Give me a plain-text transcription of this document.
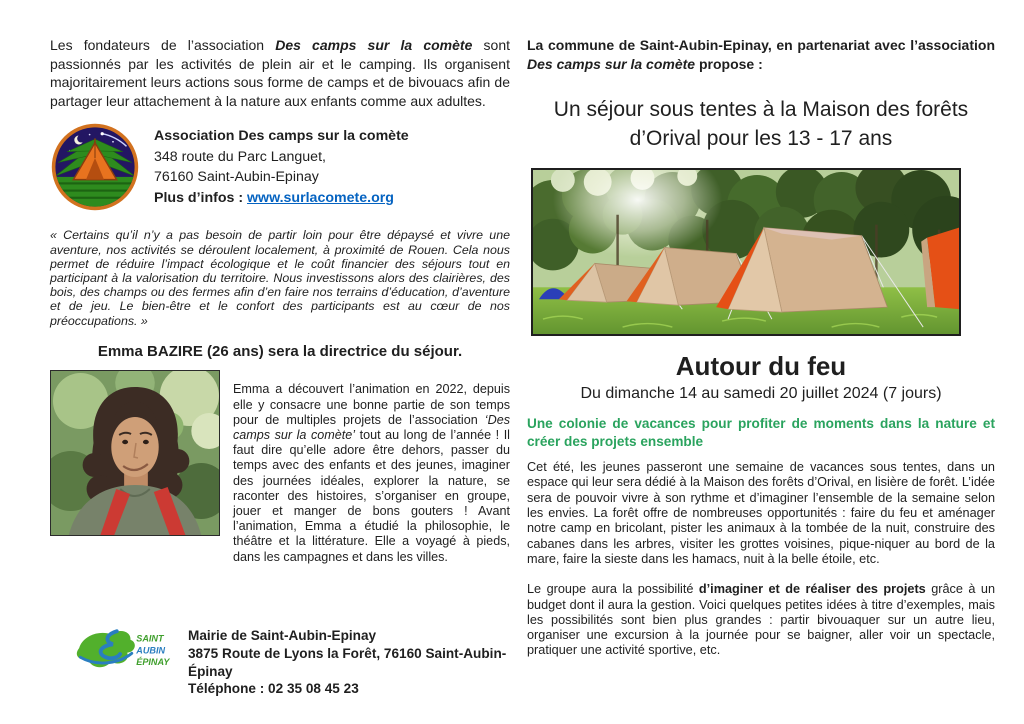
Les fondateurs de l’association Des camps sur la comète sont passionnés par les activités de plein air et le camping. Ils organisent majoritairement leurs actions sous forme de camps et de bivouacs afin de partager leur attachement à la nature aux enfants comme aux adultes.

Association Des camps sur la comète
348 route du Parc Languet,
76160 Saint-Aubin-Epinay
Plus d’infos : www.surlacomete.org

« Certains qu’il n’y a pas besoin de partir loin pour être dépaysé et vivre une aventure, nos activités se déroulent localement, à proximité de Rouen. Cela nous permet de réduire l’impact écologique et le coût financier des séjours tout en participant à la valorisation du territoire. Nous investissons alors des clairières, des bois, des champs ou des fermes afin d’en faire nos terrains d’éducation, d’aventure et de jeu. Le bien-être et le confort des participants est au cœur de nos préoccupations. »

Emma BAZIRE (26 ans) sera la directrice du séjour.

Emma a découvert l’animation en 2022, depuis elle y consacre une bonne partie de son temps pour de multiples projets de l’association ‘Des camps sur la comète’ tout au long de l’année ! Il faut dire qu’elle adore être dehors, passer du temps avec des enfants et des jeunes, imaginer des journées idéales, explorer la nature, se raconter des histoires, s’organiser en groupe, jouer et manger de bons gouters ! Avant l’animation, Emma a étudié la philosophie, le théâtre et la littérature. Elle a voyagé à pieds, dans les campagnes et dans les villes.

SAINT
AUBIN
ÉPINAY
Mairie de Saint-Aubin-Epinay
3875 Route de Lyons la Forêt, 76160 Saint-Aubin-Épinay
Téléphone : 02 35 08 45 23

La commune de Saint-Aubin-Epinay, en partenariat avec l’association Des camps sur la comète propose :

Un séjour sous tentes à la Maison des forêts d’Orival pour les 13 - 17 ans
Autour du feu
Du dimanche 14 au samedi 20 juillet 2024 (7 jours)
Une colonie de vacances pour profiter de moments dans la nature et créer des projets ensemble

Cet été, les jeunes passeront une semaine de vacances sous tentes, dans un espace qui leur sera dédié à la Maison des forêts d’Orival, en lisière de forêt. L’idée sera de pouvoir vivre à son rythme et d’imaginer l’ensemble de la semaine selon les envies. La forêt offre de nombreuses opportunités : faire du feu et aménager notre camp en bricolant, pister les animaux à la tombée de la nuit, construire des cabanes dans les arbres, visiter les grottes voisines, pique-niquer au bord de la mare, faire la sieste dans les hamacs, nuit à la belle étoile, etc.

Le groupe aura la possibilité d’imaginer et de réaliser des projets grâce à un budget dont il aura la gestion. Voici quelques petites idées à titre d’exemples, mais les possibilités sont bien plus grandes : partir bivouaquer sur un autre lieu, organiser une excursion à la journée pour se baigner, aller voir un spectacle, pratiquer une activité sportive, etc.
